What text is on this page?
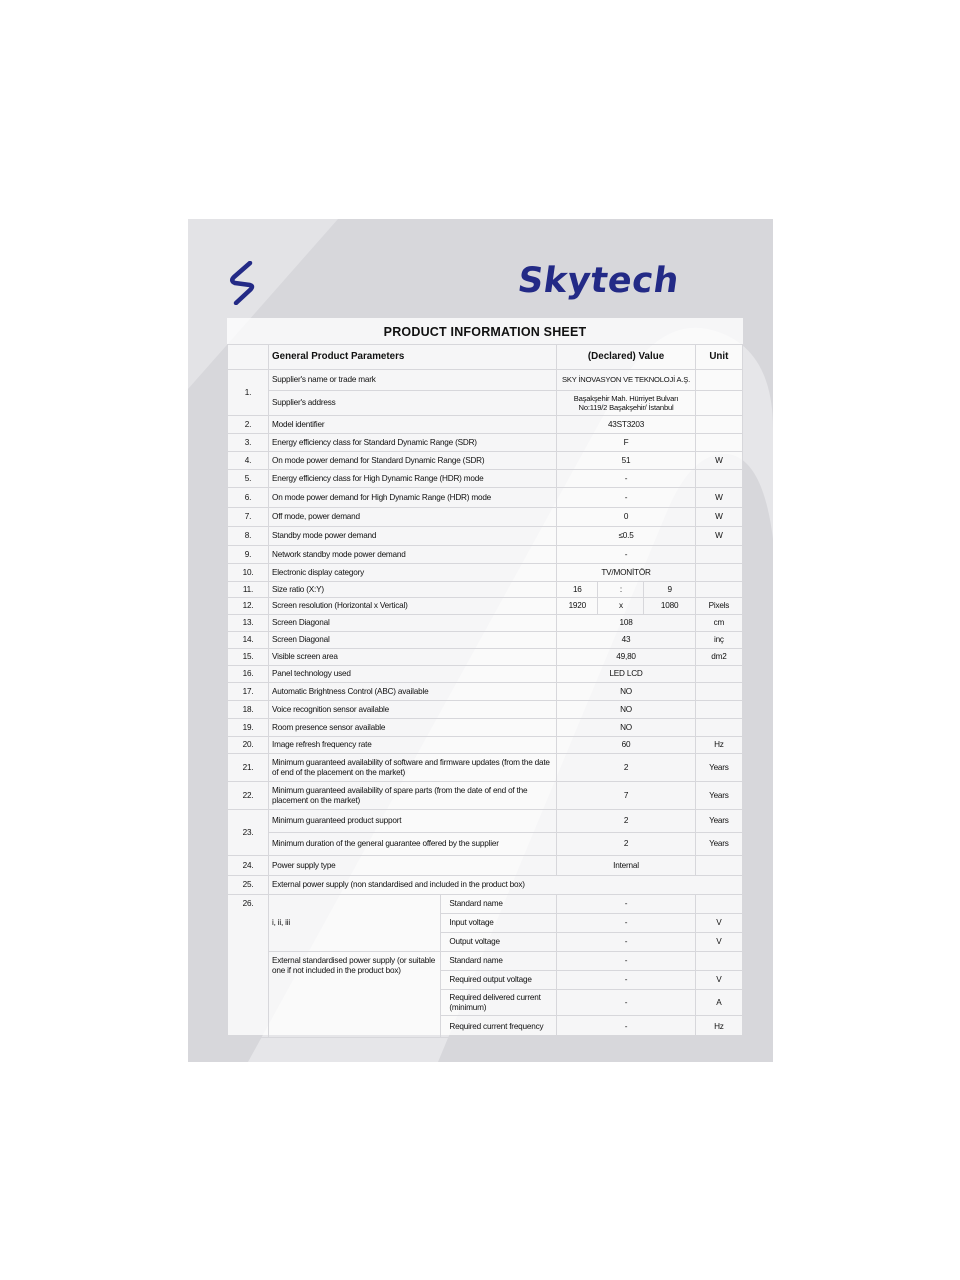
Skytech
PRODUCT INFORMATION SHEET
	General Product Parameters		(Declared) Value			Unit
1.	Supplier's name or trade mark		SKY İNOVASYON VE TEKNOLOJİ A.Ş.			
	Supplier's address		Başakşehir Mah. Hürriyet Bulvarı No:119/2 Başakşehir/ İstanbul			
2.	Model identifier		43ST3203			
3.	Energy efficiency class for Standard Dynamic Range (SDR)		F			
4.	On mode power demand for Standard Dynamic Range (SDR)		51			W
5.	Energy efficiency class for High Dynamic Range (HDR) mode		-			
6.	On mode power demand for High Dynamic Range (HDR) mode		-			W
7.	Off mode, power demand		0			W
8.	Standby mode power demand		≤0.5			W
9.	Network standby mode power demand		-			
10.	Electronic display category		TV/MONİTÖR			
11.	Size ratio (X:Y)		16	:	9	
12.	Screen resolution (Horizontal x Vertical)		1920	x	1080	Pixels
13.	Screen Diagonal		108			cm
14.	Screen Diagonal		43			inç
15.	Visible screen area		49,80			dm2
16.	Panel technology used		LED LCD			
17.	Automatic Brightness Control (ABC) available		NO			
18.	Voice recognition sensor available		NO			
19.	Room presence sensor available		NO			
20.	Image refresh frequency rate		60			Hz
21.	Minimum guaranteed availability of software and firmware updates (from the date of end of the placement on the market)		2			Years
22.	Minimum guaranteed availability of spare parts (from the date of end of the placement on the market)		7			Years
23.	Minimum guaranteed product support		2			Years
	Minimum duration of the general guarantee offered by the supplier		2			Years
24.	Power supply type		Internal			
25.	External power supply (non standardised and included in the product box)					
26.	i, ii, iii	Standard name	-			
		Input voltage	-			V
		Output voltage	-			V
	External standardised power supply (or suitable one if not included in the product box)	Standard name	-			
		Required output voltage	-			V
		Required delivered current (minimum)	-			A
		Required current frequency	-			Hz
